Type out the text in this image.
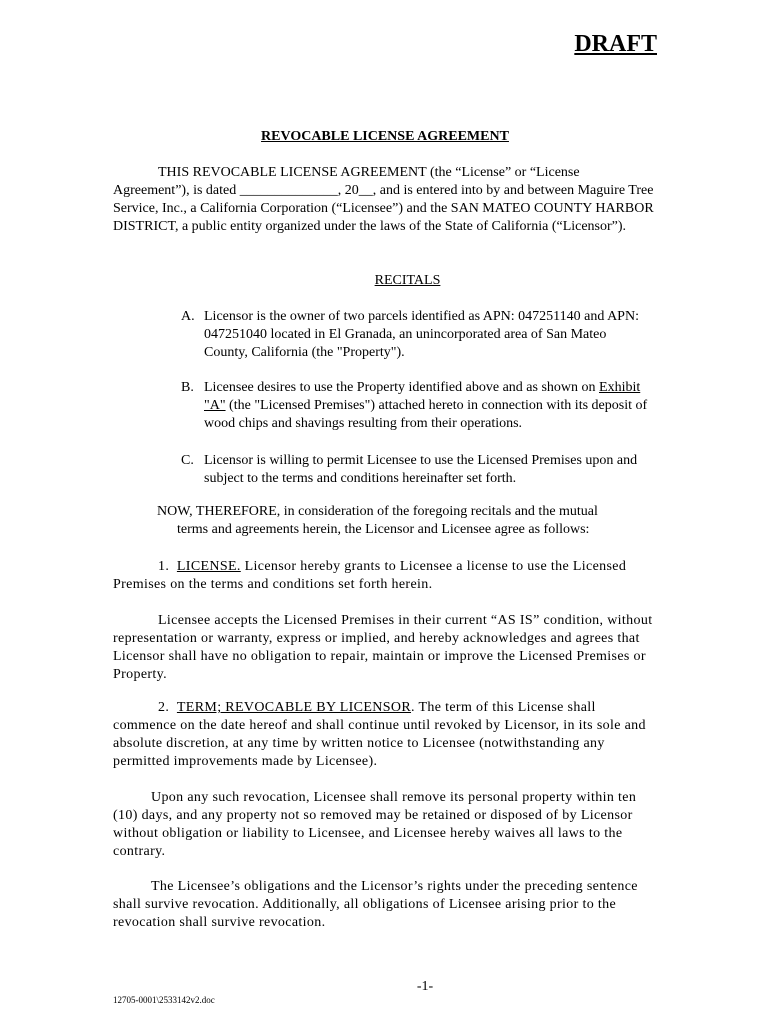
DRAFT
REVOCABLE LICENSE AGREEMENT
THIS REVOCABLE LICENSE AGREEMENT (the “License” or “License Agreement”), is dated ______________, 20__, and is entered into by and between Maguire Tree Service, Inc., a California Corporation (“Licensee”) and the SAN MATEO COUNTY HARBOR DISTRICT, a public entity organized under the laws of the State of California (“Licensor”).
RECITALS
A. Licensor is the owner of two parcels identified as APN: 047251140 and APN: 047251040 located in El Granada, an unincorporated area of San Mateo County, California (the "Property").
B. Licensee desires to use the Property identified above and as shown on Exhibit "A" (the "Licensed Premises") attached hereto in connection with its deposit of wood chips and shavings resulting from their operations.
C. Licensor is willing to permit Licensee to use the Licensed Premises upon and subject to the terms and conditions hereinafter set forth.
NOW, THEREFORE, in consideration of the foregoing recitals and the mutual
terms and agreements herein, the Licensor and Licensee agree as follows:
1. LICENSE. Licensor hereby grants to Licensee a license to use the Licensed Premises on the terms and conditions set forth herein.
Licensee accepts the Licensed Premises in their current “AS IS” condition, without representation or warranty, express or implied, and hereby acknowledges and agrees that Licensor shall have no obligation to repair, maintain or improve the Licensed Premises or Property.
2. TERM; REVOCABLE BY LICENSOR. The term of this License shall commence on the date hereof and shall continue until revoked by Licensor, in its sole and absolute discretion, at any time by written notice to Licensee (notwithstanding any permitted improvements made by Licensee).
Upon any such revocation, Licensee shall remove its personal property within ten (10) days, and any property not so removed may be retained or disposed of by Licensor without obligation or liability to Licensee, and Licensee hereby waives all laws to the contrary.
The Licensee’s obligations and the Licensor’s rights under the preceding sentence shall survive revocation. Additionally, all obligations of Licensee arising prior to the revocation shall survive revocation.
-1-
12705-0001\2533142v2.doc
